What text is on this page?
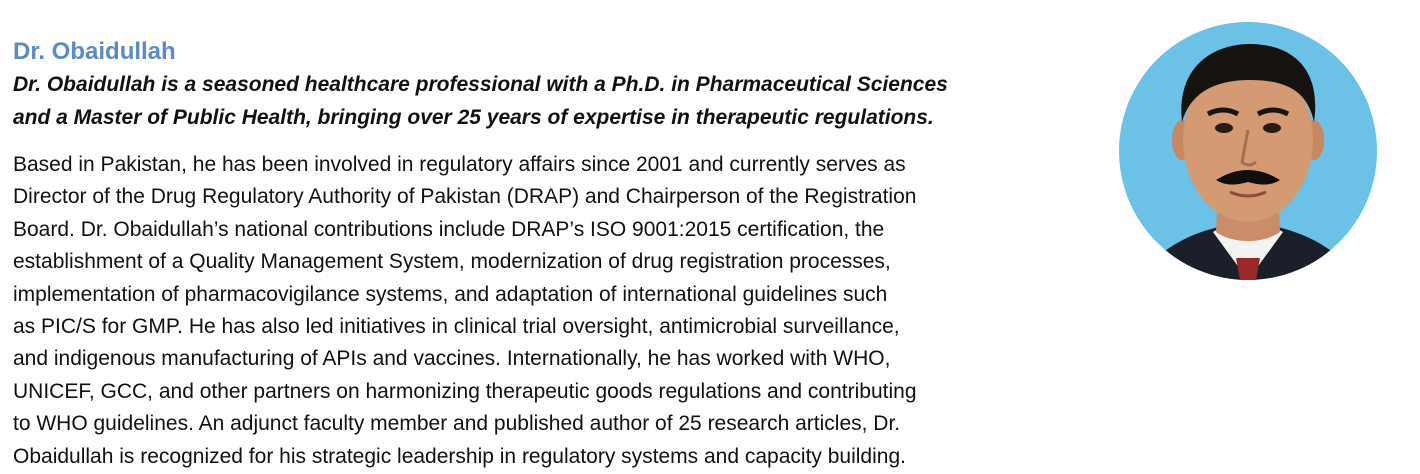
Dr. Obaidullah

Dr. Obaidullah is a seasoned healthcare professional with a Ph.D. in Pharmaceutical Sciences
and a Master of Public Health, bringing over 25 years of expertise in therapeutic regulations.

Based in Pakistan, he has been involved in regulatory affairs since 2001 and currently serves as
Director of the Drug Regulatory Authority of Pakistan (DRAP) and Chairperson of the Registration
Board. Dr. Obaidullah’s national contributions include DRAP’s ISO 9001:2015 certification, the
establishment of a Quality Management System, modernization of drug registration processes,
implementation of pharmacovigilance systems, and adaptation of international guidelines such
as PIC/S for GMP. He has also led initiatives in clinical trial oversight, antimicrobial surveillance,
and indigenous manufacturing of APIs and vaccines. Internationally, he has worked with WHO,
UNICEF, GCC, and other partners on harmonizing therapeutic goods regulations and contributing
to WHO guidelines. An adjunct faculty member and published author of 25 research articles, Dr.
Obaidullah is recognized for his strategic leadership in regulatory systems and capacity building.
